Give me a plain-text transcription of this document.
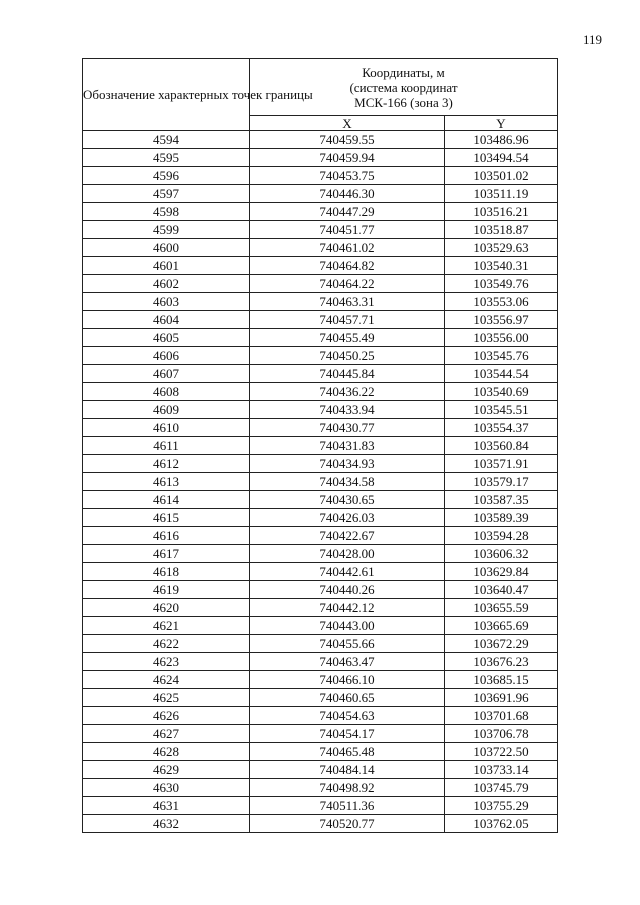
119
Обозначение характерных точек границы	Координаты, м
(система координат
МСК-166 (зона 3)	
	X	Y
4594	740459.55	103486.96
4595	740459.94	103494.54
4596	740453.75	103501.02
4597	740446.30	103511.19
4598	740447.29	103516.21
4599	740451.77	103518.87
4600	740461.02	103529.63
4601	740464.82	103540.31
4602	740464.22	103549.76
4603	740463.31	103553.06
4604	740457.71	103556.97
4605	740455.49	103556.00
4606	740450.25	103545.76
4607	740445.84	103544.54
4608	740436.22	103540.69
4609	740433.94	103545.51
4610	740430.77	103554.37
4611	740431.83	103560.84
4612	740434.93	103571.91
4613	740434.58	103579.17
4614	740430.65	103587.35
4615	740426.03	103589.39
4616	740422.67	103594.28
4617	740428.00	103606.32
4618	740442.61	103629.84
4619	740440.26	103640.47
4620	740442.12	103655.59
4621	740443.00	103665.69
4622	740455.66	103672.29
4623	740463.47	103676.23
4624	740466.10	103685.15
4625	740460.65	103691.96
4626	740454.63	103701.68
4627	740454.17	103706.78
4628	740465.48	103722.50
4629	740484.14	103733.14
4630	740498.92	103745.79
4631	740511.36	103755.29
4632	740520.77	103762.05
